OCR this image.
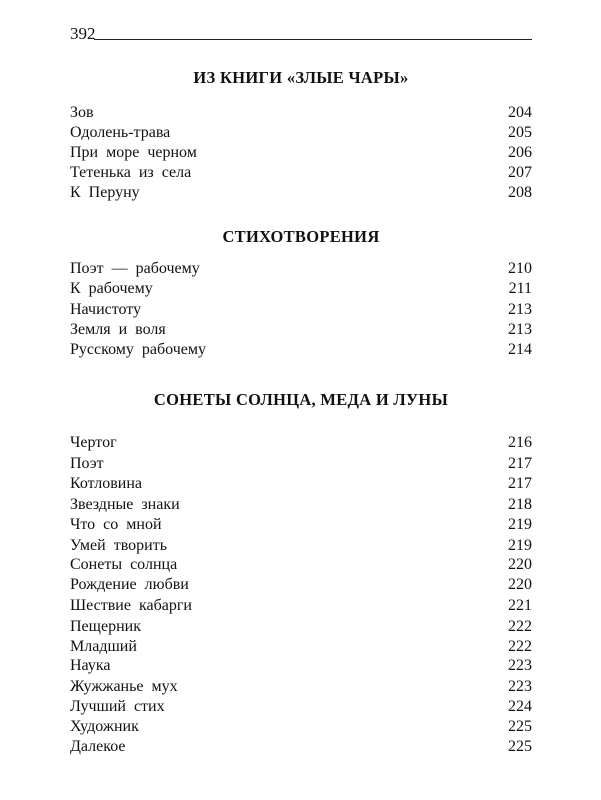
392
ИЗ КНИГИ «ЗЛЫЕ ЧАРЫ»
Зов	204
Одолень-трава	205
При море черном	206
Тетенька из села	207
К Перуну	208
СТИХОТВОРЕНИЯ
Поэт — рабочему	210
К рабочему	211
Начистоту	213
Земля и воля	213
Русскому рабочему	214
СОНЕТЫ СОЛНЦА, МЕДА И ЛУНЫ
Чертог	216
Поэт	217
Котловина	217
Звездные знаки	218
Что со мной	219
Умей творить	219
Сонеты солнца	220
Рождение любви	220
Шествие кабарги	221
Пещерник	222
Младший	222
Наука	223
Жужжанье мух	223
Лучший стих	224
Художник	225
Далекое	225
